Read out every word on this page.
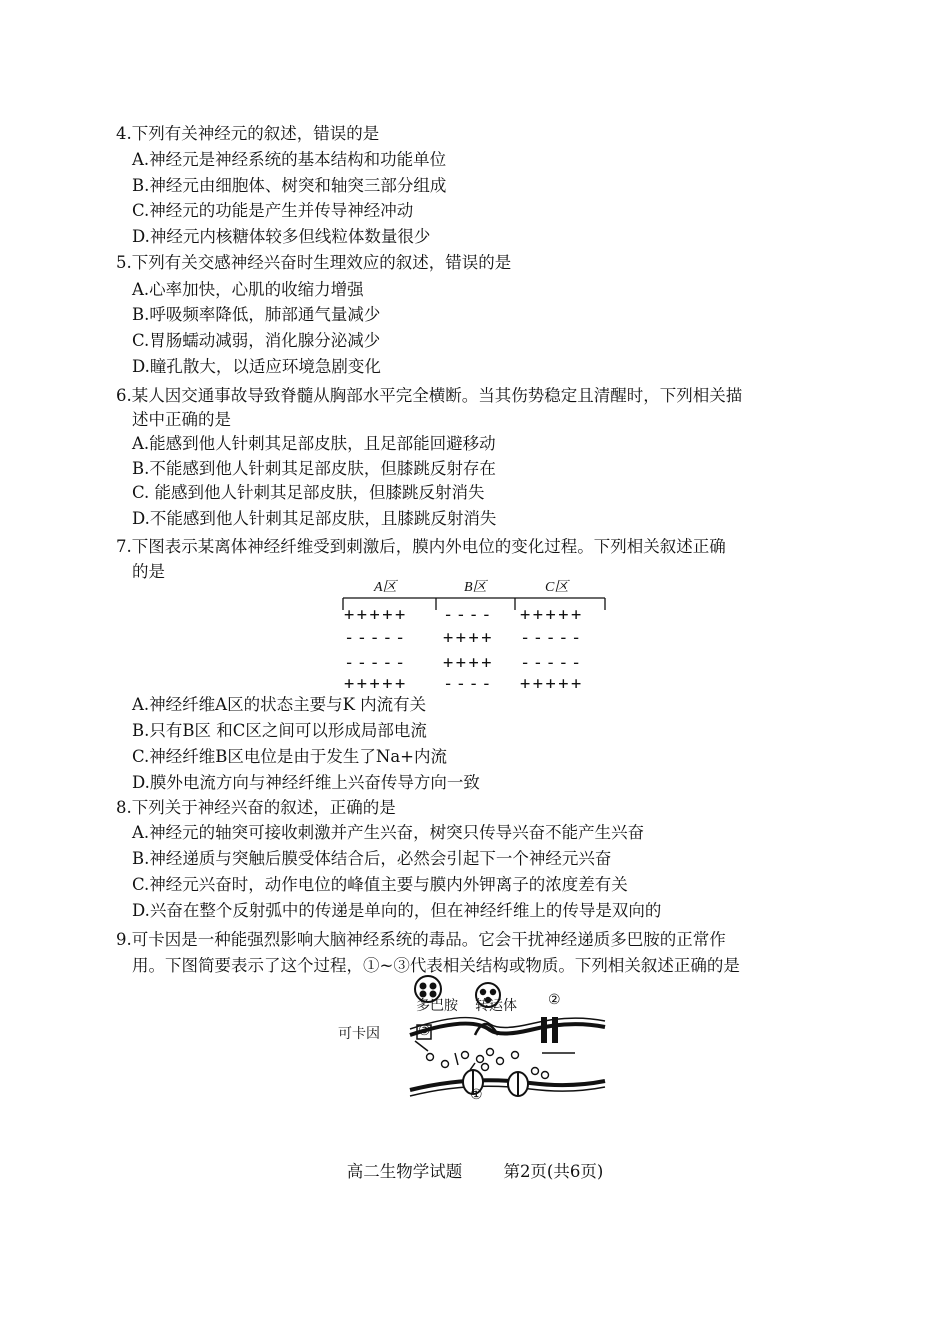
4.下列有关神经元的叙述，错误的是
A.神经元是神经系统的基本结构和功能单位
B.神经元由细胞体、树突和轴突三部分组成
C.神经元的功能是产生并传导神经冲动
D.神经元内核糖体较多但线粒体数量很少
5.下列有关交感神经兴奋时生理效应的叙述，错误的是
A.心率加快，心肌的收缩力增强
B.呼吸频率降低，肺部通气量减少
C.胃肠蠕动减弱，消化腺分泌减少
D.瞳孔散大，以适应环境急剧变化
6.某人因交通事故导致脊髓从胸部水平完全横断。当其伤势稳定且清醒时，下列相关描
述中正确的是
A.能感到他人针刺其足部皮肤，且足部能回避移动
B.不能感到他人针刺其足部皮肤，但膝跳反射存在
C. 能感到他人针刺其足部皮肤，但膝跳反射消失
D.不能感到他人针刺其足部皮肤，且膝跳反射消失
7.下图表示某离体神经纤维受到刺激后，膜内外电位的变化过程。下列相关叙述正确
的是
A区	B区	C区
+++++ ---- +++++
----- ++++ -----
----- ++++ -----
+++++ ---- +++++
A.神经纤维A区的状态主要与K 内流有关
B.只有B区 和C区之间可以形成局部电流
C.神经纤维B区电位是由于发生了Na+内流
D.膜外电流方向与神经纤维上兴奋传导方向一致
8.下列关于神经兴奋的叙述，正确的是
A.神经元的轴突可接收刺激并产生兴奋，树突只传导兴奋不能产生兴奋
B.神经递质与突触后膜受体结合后，必然会引起下一个神经元兴奋
C.神经元兴奋时，动作电位的峰值主要与膜内外钾离子的浓度差有关
D.兴奋在整个反射弧中的传递是单向的，但在神经纤维上的传导是双向的
9.可卡因是一种能强烈影响大脑神经系统的毒品。它会干扰神经递质多巴胺的正常作
用。下图简要表示了这个过程，①~③代表相关结构或物质。下列相关叙述正确的是
多巴胺 转运体 ②
可卡因	③
①
高二生物学试题	第2页(共6页)
